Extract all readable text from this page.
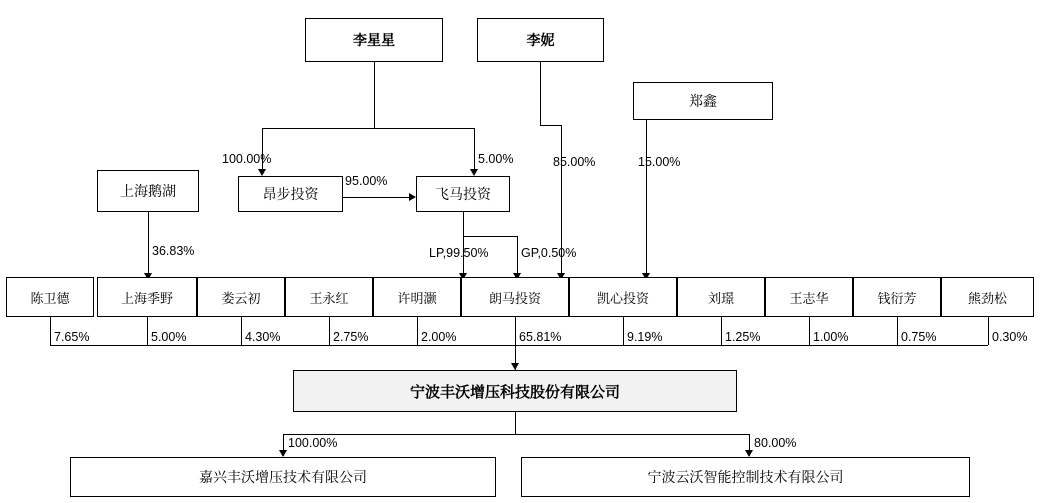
李星星	李妮
郑鑫
100.00%	5.00%	85.00%	15.00%
上海鹅湖	昂步投资	飞马投资
95.00%
36.83%	LP,99.50%	GP,0.50%
陈卫德	上海季野	娄云初	王永红	许明灏	朗马投资	凯心投资	刘璟	王志华	钱衍芳	熊劲松
7.65%	5.00%	4.30%	2.75%	2.00%	65.81%	9.19%	1.25%	1.00%	0.75%	0.30%
宁波丰沃增压科技股份有限公司
100.00%	80.00%
嘉兴丰沃增压技术有限公司	宁波云沃智能控制技术有限公司
